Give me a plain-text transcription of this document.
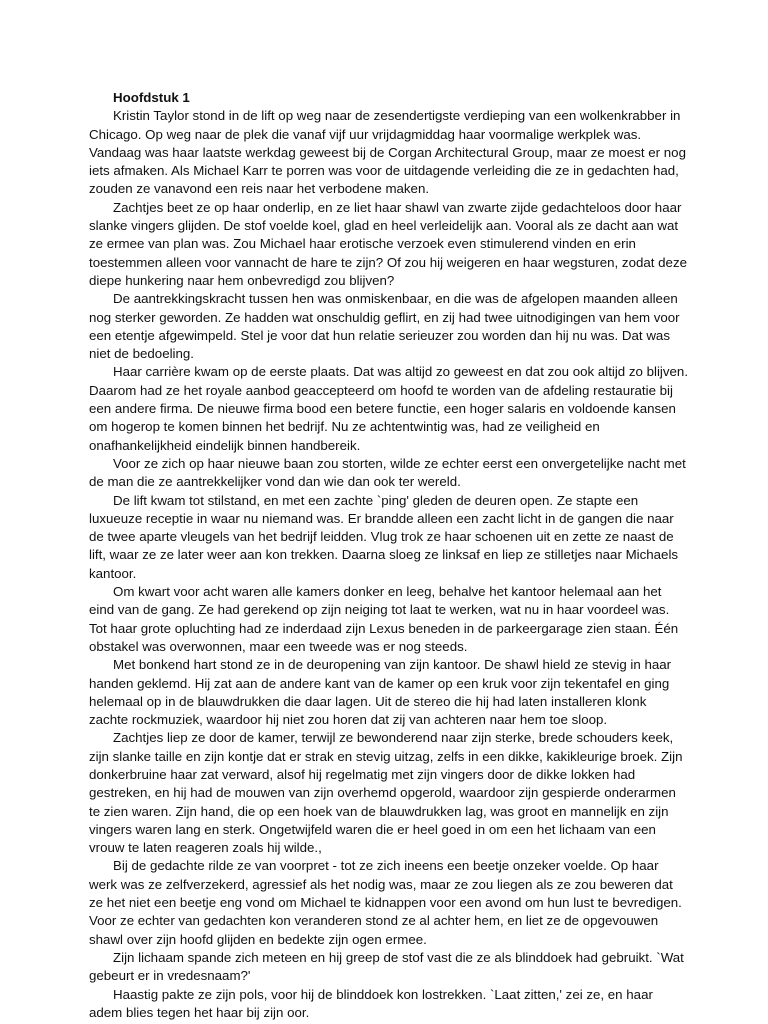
Hoofdstuk 1

Kristin Taylor stond in de lift op weg naar de zesendertigste verdieping van een wolkenkrabber in Chicago. Op weg naar de plek die vanaf vijf uur vrijdagmiddag haar voormalige werkplek was. Vandaag was haar laatste werkdag geweest bij de Corgan Architectural Group, maar ze moest er nog iets afmaken. Als Michael Karr te porren was voor de uitdagende verleiding die ze in gedachten had, zouden ze vanavond een reis naar het verbodene maken.

Zachtjes beet ze op haar onderlip, en ze liet haar shawl van zwarte zijde gedachteloos door haar slanke vingers glijden. De stof voelde koel, glad en heel verleidelijk aan. Vooral als ze dacht aan wat ze ermee van plan was. Zou Michael haar erotische verzoek even stimulerend vinden en erin toestemmen alleen voor vannacht de hare te zijn? Of zou hij weigeren en haar wegsturen, zodat deze diepe hunkering naar hem onbevredigd zou blijven?

De aantrekkingskracht tussen hen was onmiskenbaar, en die was de afgelopen maanden alleen nog sterker geworden. Ze hadden wat onschuldig geflirt, en zij had twee uitnodigingen van hem voor een etentje afgewimpeld. Stel je voor dat hun relatie serieuzer zou worden dan hij nu was. Dat was niet de bedoeling.

Haar carrière kwam op de eerste plaats. Dat was altijd zo geweest en dat zou ook altijd zo blijven. Daarom had ze het royale aanbod geaccepteerd om hoofd te worden van de afdeling restauratie bij een andere firma. De nieuwe firma bood een betere functie, een hoger salaris en voldoende kansen om hogerop te komen binnen het bedrijf. Nu ze achtentwintig was, had ze veiligheid en onafhankelijkheid eindelijk binnen handbereik.

Voor ze zich op haar nieuwe baan zou storten, wilde ze echter eerst een onvergetelijke nacht met de man die ze aantrekkelijker vond dan wie dan ook ter wereld.

De lift kwam tot stilstand, en met een zachte `ping' gleden de deuren open. Ze stapte een luxueuze receptie in waar nu niemand was. Er brandde alleen een zacht licht in de gangen die naar de twee aparte vleugels van het bedrijf leidden. Vlug trok ze haar schoenen uit en zette ze naast de lift, waar ze ze later weer aan kon trekken. Daarna sloeg ze linksaf en liep ze stilletjes naar Michaels kantoor.

Om kwart voor acht waren alle kamers donker en leeg, behalve het kantoor helemaal aan het eind van de gang. Ze had gerekend op zijn neiging tot laat te werken, wat nu in haar voordeel was. Tot haar grote opluchting had ze inderdaad zijn Lexus beneden in de parkeergarage zien staan. Één obstakel was overwonnen, maar een tweede was er nog steeds.

Met bonkend hart stond ze in de deuropening van zijn kantoor. De shawl hield ze stevig in haar handen geklemd. Hij zat aan de andere kant van de kamer op een kruk voor zijn tekentafel en ging helemaal op in de blauwdrukken die daar lagen. Uit de stereo die hij had laten installeren klonk zachte rockmuziek, waardoor hij niet zou horen dat zij van achteren naar hem toe sloop.

Zachtjes liep ze door de kamer, terwijl ze bewonderend naar zijn sterke, brede schouders keek, zijn slanke taille en zijn kontje dat er strak en stevig uitzag, zelfs in een dikke, kakikleurige broek. Zijn donkerbruine haar zat verward, alsof hij regelmatig met zijn vingers door de dikke lokken had gestreken, en hij had de mouwen van zijn overhemd opgerold, waardoor zijn gespierde onderarmen te zien waren. Zijn hand, die op een hoek van de blauwdrukken lag, was groot en mannelijk en zijn vingers waren lang en sterk. Ongetwijfeld waren die er heel goed in om een het lichaam van een vrouw te laten reageren zoals hij wilde.,

Bij de gedachte rilde ze van voorpret - tot ze zich ineens een beetje onzeker voelde. Op haar werk was ze zelfverzekerd, agressief als het nodig was, maar ze zou liegen als ze zou beweren dat ze het niet een beetje eng vond om Michael te kidnappen voor een avond om hun lust te bevredigen. Voor ze echter van gedachten kon veranderen stond ze al achter hem, en liet ze de opgevouwen shawl over zijn hoofd glijden en bedekte zijn ogen ermee.

Zijn lichaam spande zich meteen en hij greep de stof vast die ze als blinddoek had gebruikt. `Wat gebeurt er in vredesnaam?'

Haastig pakte ze zijn pols, voor hij de blinddoek kon lostrekken. `Laat zitten,' zei ze, en haar adem blies tegen het haar bij zijn oor.
